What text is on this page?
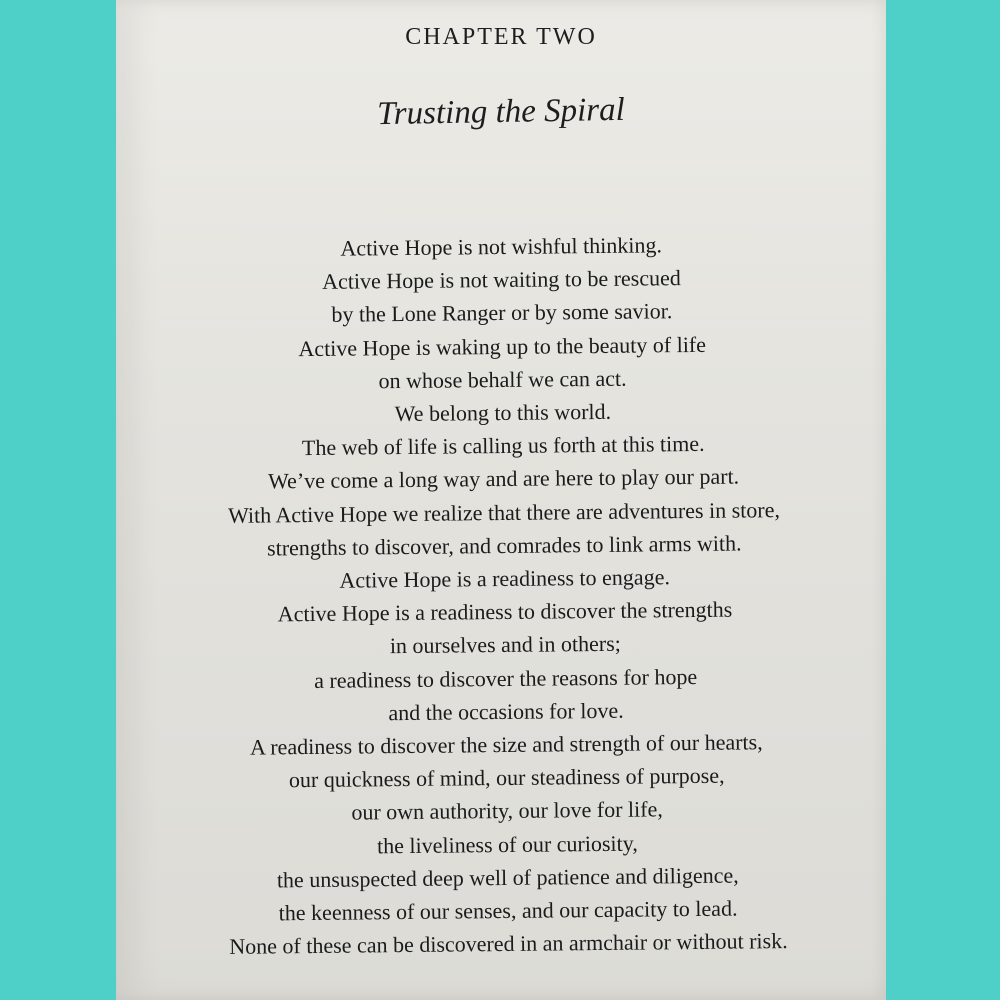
CHAPTER TWO
Trusting the Spiral
Active Hope is not wishful thinking.
Active Hope is not waiting to be rescued
by the Lone Ranger or by some savior.
Active Hope is waking up to the beauty of life
on whose behalf we can act.
We belong to this world.
The web of life is calling us forth at this time.
We’ve come a long way and are here to play our part.
With Active Hope we realize that there are adventures in store,
strengths to discover, and comrades to link arms with.
Active Hope is a readiness to engage.
Active Hope is a readiness to discover the strengths
in ourselves and in others;
a readiness to discover the reasons for hope
and the occasions for love.
A readiness to discover the size and strength of our hearts,
our quickness of mind, our steadiness of purpose,
our own authority, our love for life,
the liveliness of our curiosity,
the unsuspected deep well of patience and diligence,
the keenness of our senses, and our capacity to lead.
None of these can be discovered in an armchair or without risk.
